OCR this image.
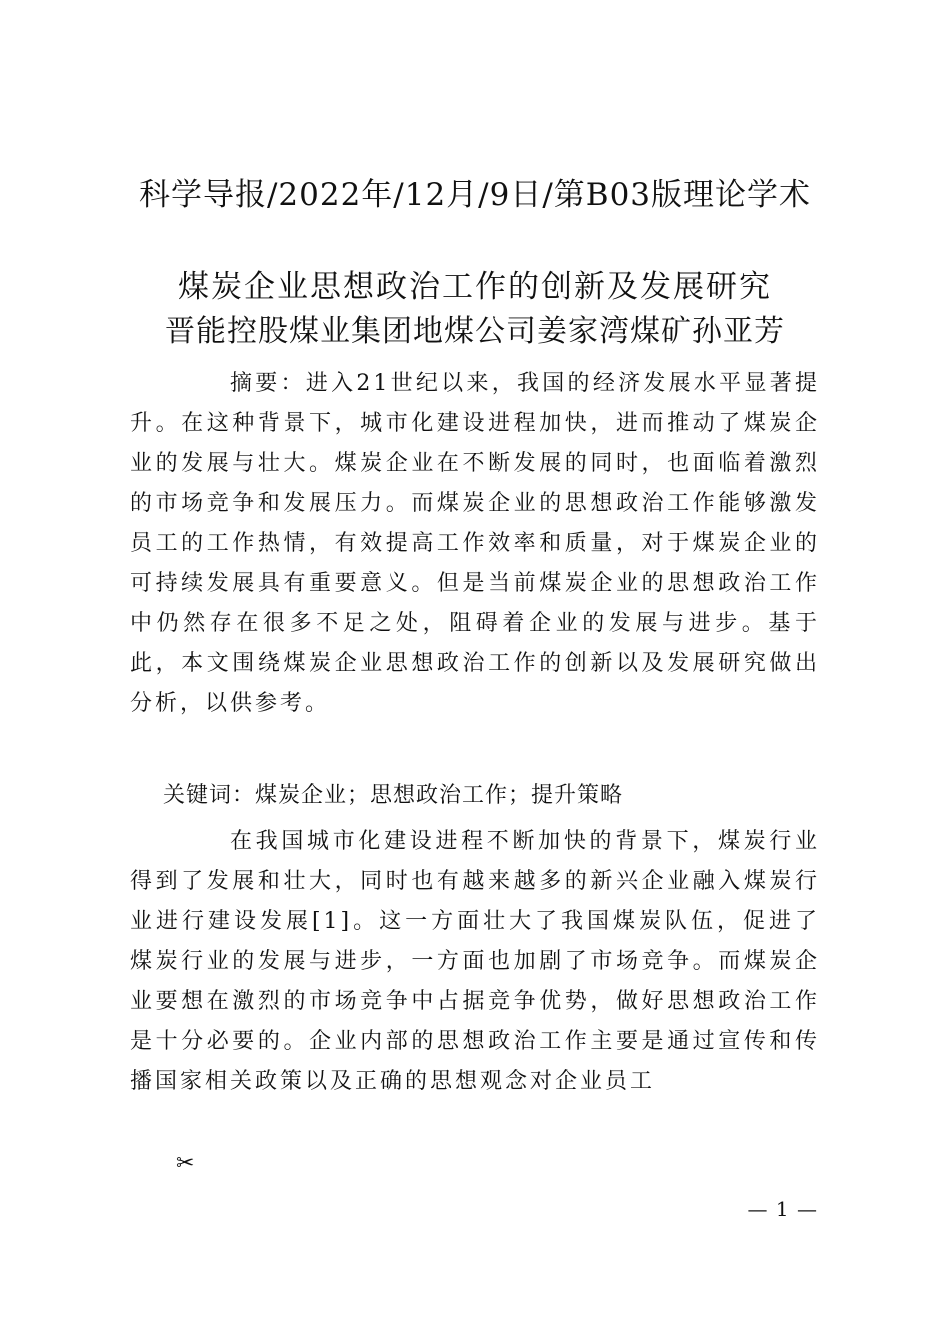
科学导报/2022年/12月/9日/第B03版理论学术
煤炭企业思想政治工作的创新及发展研究
晋能控股煤业集团地煤公司姜家湾煤矿孙亚芳
摘要：进入21世纪以来，我国的经济发展水平显著提升。在这种背景下，城市化建设进程加快，进而推动了煤炭企业的发展与壮大。煤炭企业在不断发展的同时，也面临着激烈的市场竞争和发展压力。而煤炭企业的思想政治工作能够激发员工的工作热情，有效提高工作效率和质量，对于煤炭企业的可持续发展具有重要意义。但是当前煤炭企业的思想政治工作中仍然存在很多不足之处，阻碍着企业的发展与进步。基于此，本文围绕煤炭企业思想政治工作的创新以及发展研究做出分析，以供参考。
关键词：煤炭企业；思想政治工作；提升策略
在我国城市化建设进程不断加快的背景下，煤炭行业得到了发展和壮大，同时也有越来越多的新兴企业融入煤炭行业进行建设发展[1]。这一方面壮大了我国煤炭队伍，促进了煤炭行业的发展与进步，一方面也加剧了市场竞争。而煤炭企业要想在激烈的市场竞争中占据竞争优势，做好思想政治工作是十分必要的。企业内部的思想政治工作主要是通过宣传和传播国家相关政策以及正确的思想观念对企业员工
✂
— 1 —
